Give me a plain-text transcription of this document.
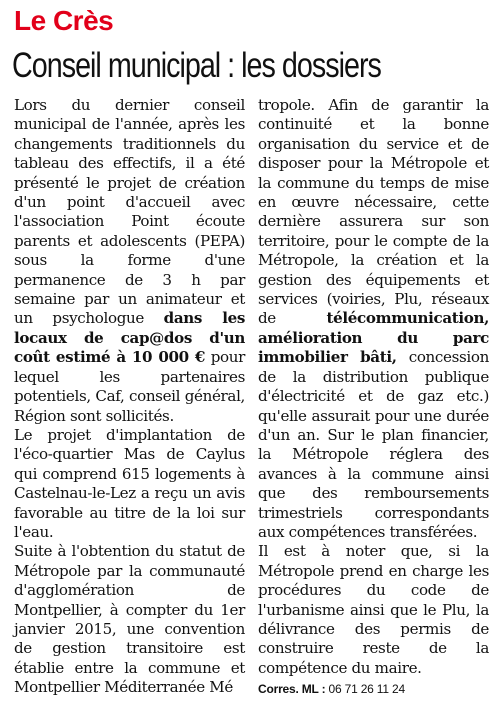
Le Crès
Conseil municipal : les dossiers

Lors du dernier conseil municipal de l'année, après les changements traditionnels du tableau des effectifs, il a été présenté le projet de création d'un point d'accueil avec l'association Point écoute parents et adolescents (PEPA) sous la forme d'une permanence de 3 h par semaine par un animateur et un psychologue dans les locaux de cap@dos d'un coût estimé à 10 000 € pour lequel les partenaires potentiels, Caf, conseil général, Région sont sollicités.

Le projet d'implantation de l'éco-quartier Mas de Caylus qui comprend 615 logements à Castelnau-le-Lez a reçu un avis favorable au titre de la loi sur l'eau.

Suite à l'obtention du statut de Métropole par la communauté d'agglomération de Montpellier, à compter du 1er janvier 2015, une convention de gestion transitoire est établie entre la commune et Montpellier Méditerranée Mé

tropole. Afin de garantir la continuité et la bonne organisation du service et de disposer pour la Métropole et la commune du temps de mise en œuvre nécessaire, cette dernière assurera sur son territoire, pour le compte de la Métropole, la création et la gestion des équipements et services (voiries, Plu, réseaux de télécommunication, amélioration du parc immobilier bâti, concession de la distribution publique d'électricité et de gaz etc.) qu'elle assurait pour une durée d'un an. Sur le plan financier, la Métropole réglera des avances à la commune ainsi que des remboursements trimestriels correspondants aux compétences transférées.

Il est à noter que, si la Métropole prend en charge les procédures du code de l'urbanisme ainsi que le Plu, la délivrance des permis de construire reste de la compétence du maire.

Corres. ML : 06 71 26 11 24
